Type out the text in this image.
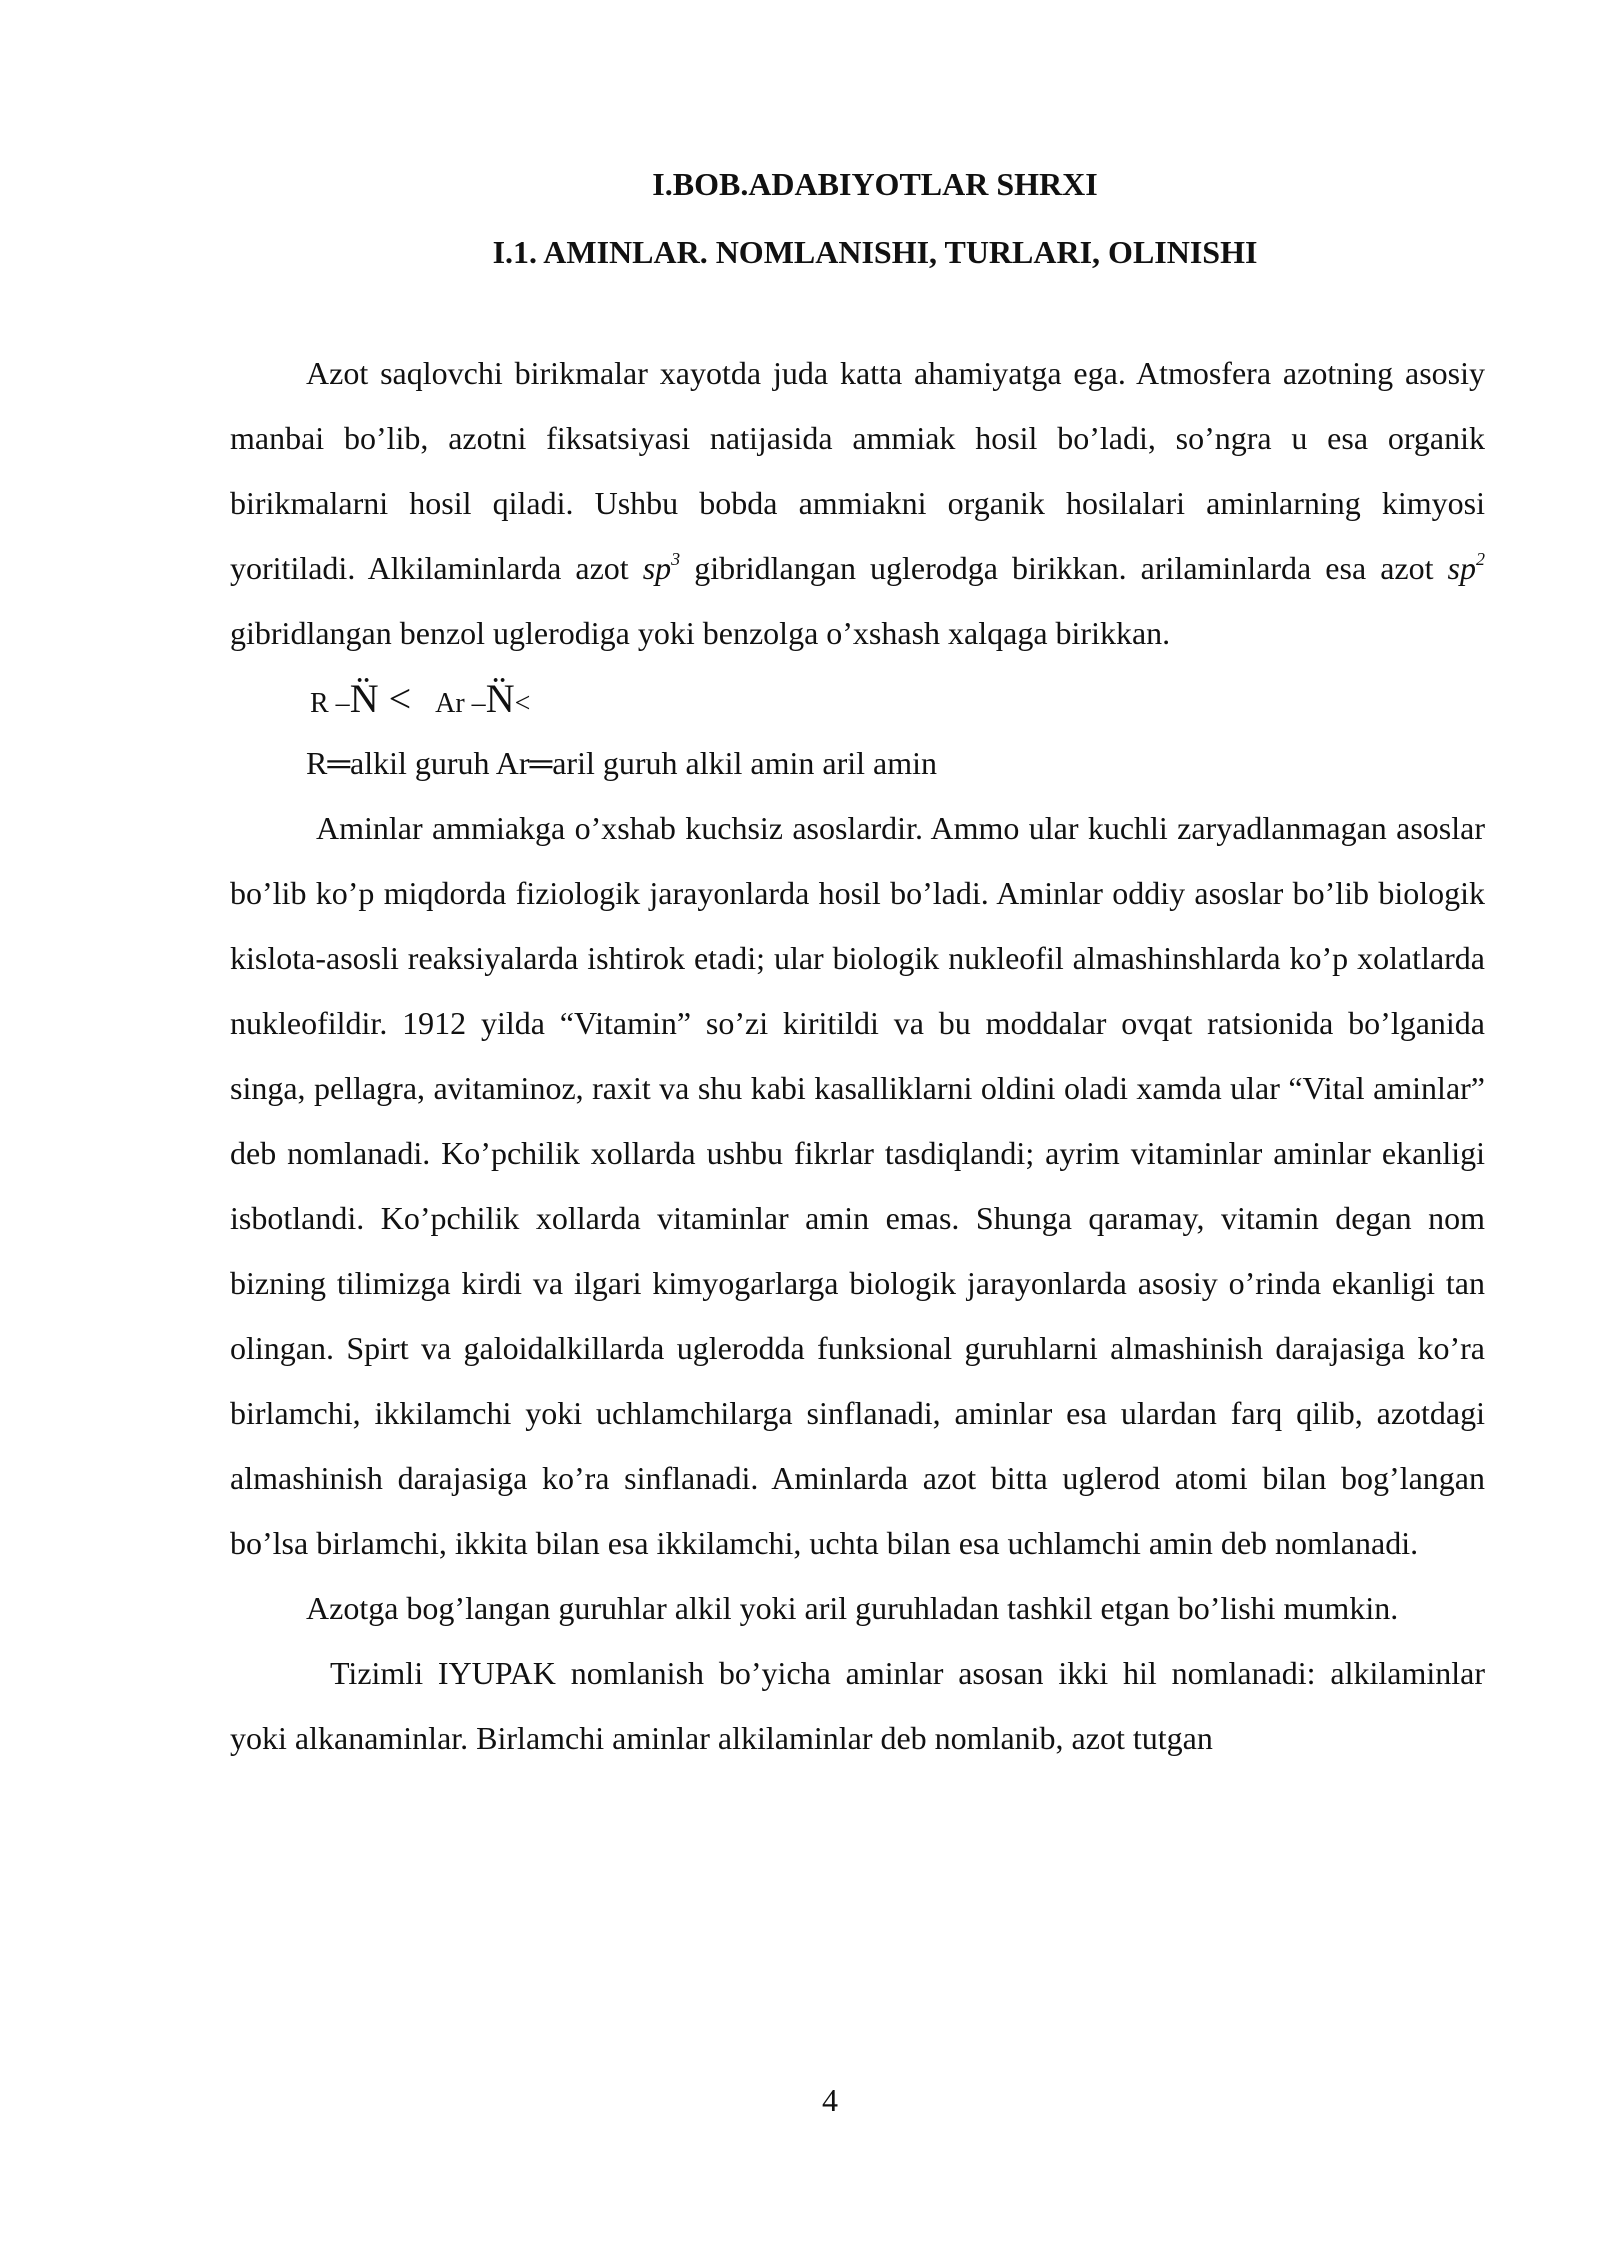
I.BOB.ADABIYOTLAR SHRXI

I.1. AMINLAR. NOMLANISHI, TURLARI, OLINISHI

Azot saqlovchi birikmalar xayotda juda katta ahamiyatga ega. Atmosfera azotning asosiy manbai bo’lib, azotni fiksatsiyasi natijasida ammiak hosil bo’ladi, so’ngra u esa organik birikmalarni hosil qiladi. Ushbu bobda ammiakni organik hosilalari aminlarning kimyosi yoritiladi. Alkilaminlarda azot $sp^3$ gibridlangan uglerodga birikkan. arilaminlarda esa azot $sp^2$ gibridlangan benzol uglerodiga yoki benzolga o’xshash xalqaga birikkan.

R –N̈ < Ar –N̈<

R═alkil guruh Ar═aril guruh alkil amin aril amin

Aminlar ammiakga o’xshab kuchsiz asoslardir. Ammo ular kuchli zaryadlanmagan asoslar bo’lib ko’p miqdorda fiziologik jarayonlarda hosil bo’ladi. Aminlar oddiy asoslar bo’lib biologik kislota-asosli reaksiyalarda ishtirok etadi; ular biologik nukleofil almashinshlarda ko’p xolatlarda nukleofildir. 1912 yilda “Vitamin” so’zi kiritildi va bu moddalar ovqat ratsionida bo’lganida singa, pellagra, avitaminoz, raxit va shu kabi kasalliklarni oldini oladi xamda ular “Vital aminlar” deb nomlanadi. Ko’pchilik xollarda ushbu fikrlar tasdiqlandi; ayrim vitaminlar aminlar ekanligi isbotlandi. Ko’pchilik xollarda vitaminlar amin emas. Shunga qaramay, vitamin degan nom bizning tilimizga kirdi va ilgari kimyogarlarga biologik jarayonlarda asosiy o’rinda ekanligi tan olingan. Spirt va galoidalkillarda uglerodda funksional guruhlarni almashinish darajasiga ko’ra birlamchi, ikkilamchi yoki uchlamchilarga sinflanadi, aminlar esa ulardan farq qilib, azotdagi almashinish darajasiga ko’ra sinflanadi. Aminlarda azot bitta uglerod atomi bilan bog’langan bo’lsa birlamchi, ikkita bilan esa ikkilamchi, uchta bilan esa uchlamchi amin deb nomlanadi.

Azotga bog’langan guruhlar alkil yoki aril guruhladan tashkil etgan bo’lishi mumkin.

Tizimli IYUPAK nomlanish bo’yicha aminlar asosan ikki hil nomlanadi: alkilaminlar yoki alkanaminlar. Birlamchi aminlar alkilaminlar deb nomlanib, azot tutgan

4
